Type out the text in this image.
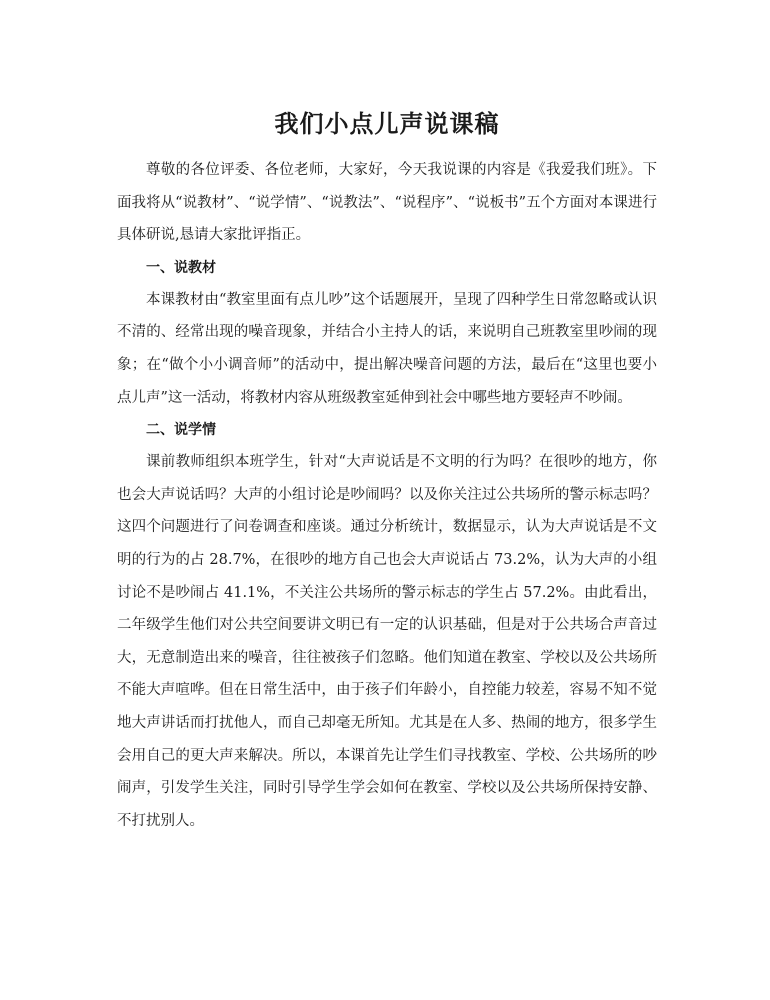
我们小点儿声说课稿

尊敬的各位评委、各位老师，大家好，今天我说课的内容是《我爱我们班》。下面我将从“说教材”、“说学情”、“说教法”、“说程序”、“说板书”五个方面对本课进行具体研说,恳请大家批评指正。

一、说教材

本课教材由“教室里面有点儿吵”这个话题展开，呈现了四种学生日常忽略或认识不清的、经常出现的噪音现象，并结合小主持人的话，来说明自己班教室里吵闹的现象；在“做个小小调音师”的活动中，提出解决噪音问题的方法，最后在“这里也要小点儿声”这一活动，将教材内容从班级教室延伸到社会中哪些地方要轻声不吵闹。

二、说学情

课前教师组织本班学生，针对“大声说话是不文明的行为吗？在很吵的地方，你也会大声说话吗？大声的小组讨论是吵闹吗？以及你关注过公共场所的警示标志吗？这四个问题进行了问卷调查和座谈。通过分析统计，数据显示，认为大声说话是不文明的行为的占 28.7%，在很吵的地方自己也会大声说话占 73.2%，认为大声的小组讨论不是吵闹占 41.1%，不关注公共场所的警示标志的学生占 57.2%。由此看出，二年级学生他们对公共空间要讲文明已有一定的认识基础，但是对于公共场合声音过大，无意制造出来的噪音，往往被孩子们忽略。他们知道在教室、学校以及公共场所不能大声喧哗。但在日常生活中，由于孩子们年龄小，自控能力较差，容易不知不觉地大声讲话而打扰他人，而自己却毫无所知。尤其是在人多、热闹的地方，很多学生会用自己的更大声来解决。所以，本课首先让学生们寻找教室、学校、公共场所的吵闹声，引发学生关注，同时引导学生学会如何在教室、学校以及公共场所保持安静、不打扰别人。
